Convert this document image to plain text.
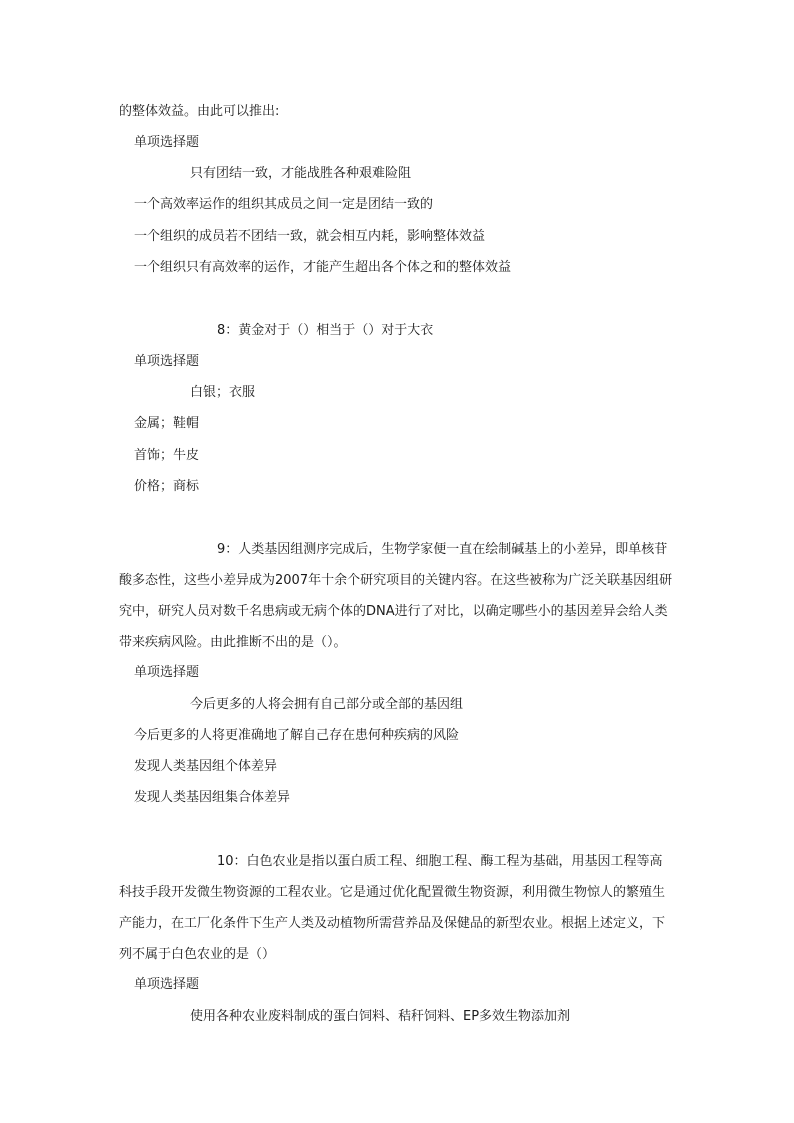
的整体效益。由此可以推出:
单项选择题
只有团结一致，才能战胜各种艰难险阻
一个高效率运作的组织其成员之间一定是团结一致的
一个组织的成员若不团结一致，就会相互内耗，影响整体效益
一个组织只有高效率的运作，才能产生超出各个体之和的整体效益
8：黄金对于（）相当于（）对于大衣
单项选择题
白银；衣服
金属；鞋帽
首饰；牛皮
价格；商标
9：人类基因组测序完成后，生物学家便一直在绘制碱基上的小差异，即单核苷酸多态性，这些小差异成为2007年十余个研究项目的关键内容。在这些被称为广泛关联基因组研究中，研究人员对数千名患病或无病个体的DNA进行了对比，以确定哪些小的基因差异会给人类带来疾病风险。由此推断不出的是（）。
单项选择题
今后更多的人将会拥有自己部分或全部的基因组
今后更多的人将更准确地了解自己存在患何种疾病的风险
发现人类基因组个体差异
发现人类基因组集合体差异
10：白色农业是指以蛋白质工程、细胞工程、酶工程为基础，用基因工程等高科技手段开发微生物资源的工程农业。它是通过优化配置微生物资源，利用微生物惊人的繁殖生产能力，在工厂化条件下生产人类及动植物所需营养品及保健品的新型农业。根据上述定义，下列不属于白色农业的是（）
单项选择题
使用各种农业废料制成的蛋白饲料、秸秆饲料、EP多效生物添加剂
